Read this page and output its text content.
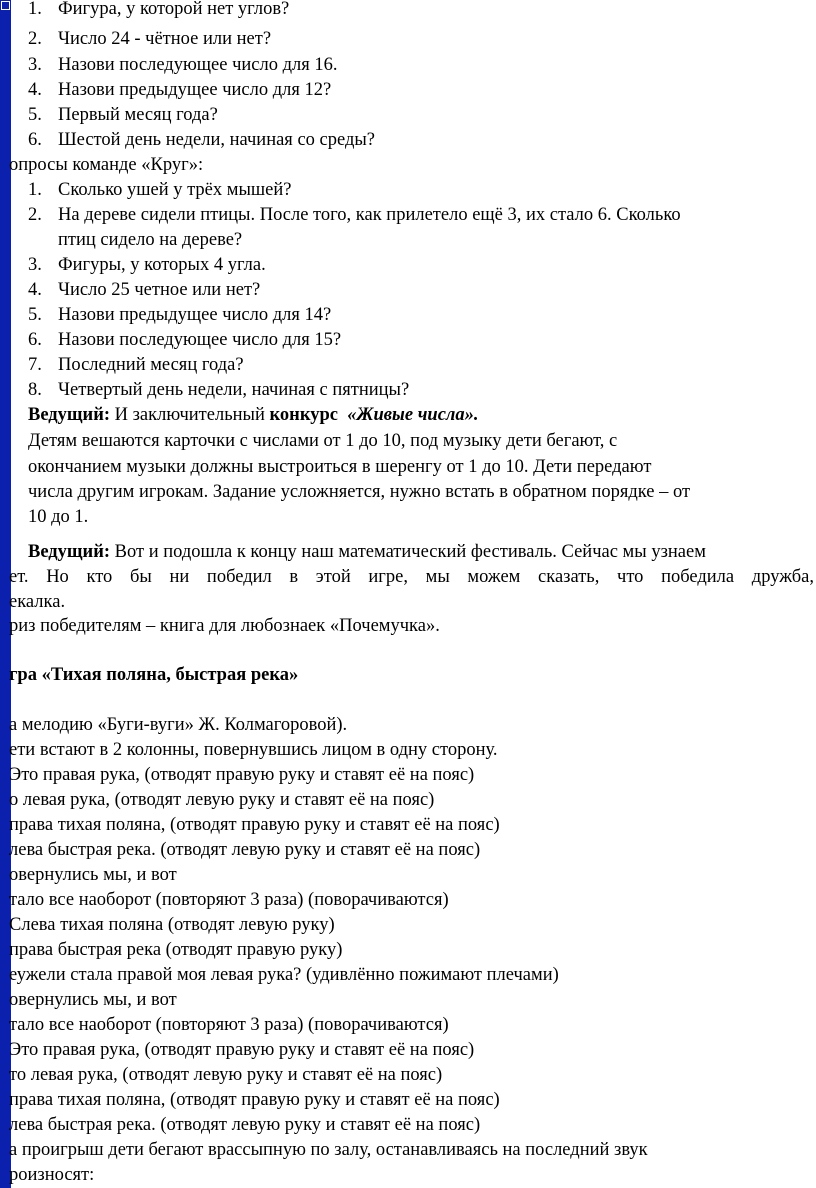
1. Фигура, у которой нет углов?
2. Число 24 - чётное или нет?
3. Назови последующее число для 16.
4. Назови предыдущее число для 12?
5. Первый месяц года?
6. Шестой день недели, начиная со среды?
опросы команде «Круг»:
1. Сколько ушей у трёх мышей?
2. На дереве сидели птицы. После того, как прилетело ещё 3, их стало 6. Сколько
птиц сидело на дереве?
3. Фигуры, у которых 4 угла.
4. Число 25 четное или нет?
5. Назови предыдущее число для 14?
6. Назови последующее число для 15?
7. Последний месяц года?
8. Четвертый день недели, начиная с пятницы?
Ведущий: И заключительный конкурс «Живые числа».
Детям вешаются карточки с числами от 1 до 10, под музыку дети бегают, с
окончанием музыки должны выстроиться в шеренгу от 1 до 10. Дети передают
числа другим игрокам. Задание усложняется, нужно встать в обратном порядке – от
10 до 1.
Ведущий: Вот и подошла к концу наш математический фестиваль. Сейчас мы узнаем
ет. Но кто бы ни победил в этой игре, мы можем сказать, что победила дружба,
екалка.
риз победителям – книга для любознаек «Почемучка».
гра «Тихая поляна, быстрая река»
а мелодию «Буги-вуги» Ж. Колмагоровой).
ети встают в 2 колонны, повернувшись лицом в одну сторону.
Это правая рука, (отводят правую руку и ставят её на пояс)
о левая рука, (отводят левую руку и ставят её на пояс)
права тихая поляна, (отводят правую руку и ставят её на пояс)
лева быстрая река. (отводят левую руку и ставят её на пояс)
овернулись мы, и вот
тало все наоборот (повторяют 3 раза) (поворачиваются)
Слева тихая поляна (отводят левую руку)
права быстрая река (отводят правую руку)
еужели стала правой моя левая рука? (удивлённо пожимают плечами)
овернулись мы, и вот
тало все наоборот (повторяют 3 раза) (поворачиваются)
Это правая рука, (отводят правую руку и ставят её на пояс)
то левая рука, (отводят левую руку и ставят её на пояс)
права тихая поляна, (отводят правую руку и ставят её на пояс)
лева быстрая река. (отводят левую руку и ставят её на пояс)
а проигрыш дети бегают врассыпную по залу, останавливаясь на последний звук
роизносят:
